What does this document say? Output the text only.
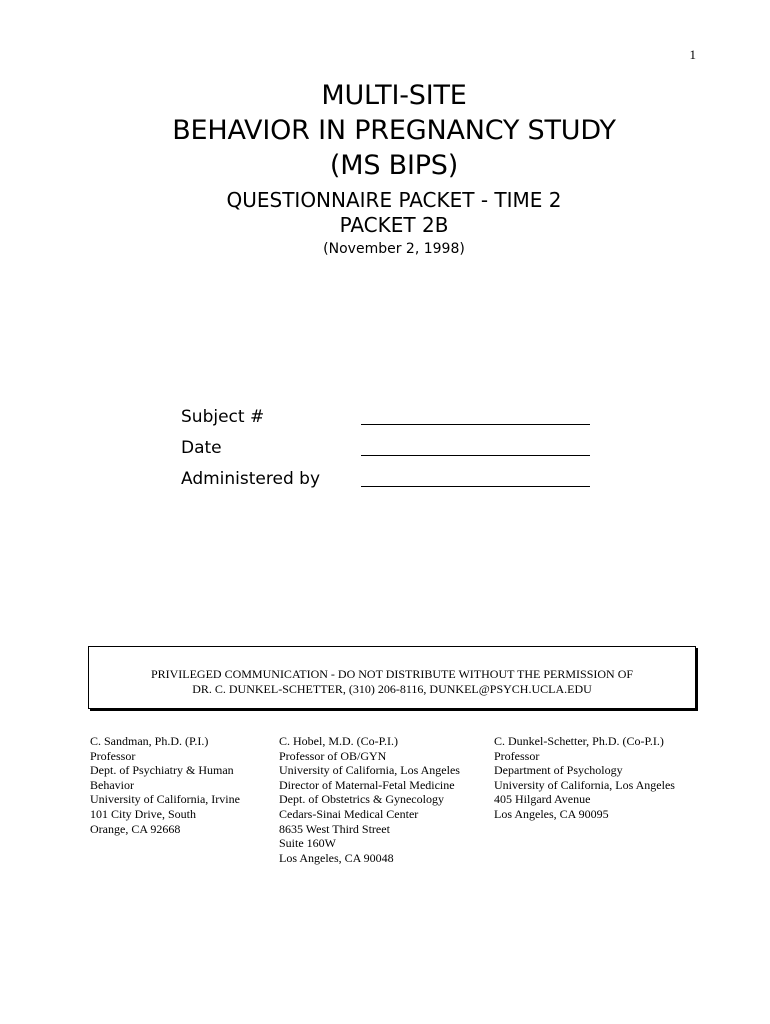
1
MULTI-SITE
BEHAVIOR IN PREGNANCY STUDY
(MS BIPS)
QUESTIONNAIRE PACKET - TIME 2
PACKET 2B
(November 2, 1998)
Subject #
Date
Administered by
PRIVILEGED COMMUNICATION - DO NOT DISTRIBUTE WITHOUT THE PERMISSION OF
DR. C. DUNKEL-SCHETTER, (310) 206-8116, DUNKEL@PSYCH.UCLA.EDU
C. Sandman, Ph.D. (P.I.)
Professor
Dept. of Psychiatry & Human
Behavior
University of California, Irvine
101 City Drive, South
Orange, CA 92668
C. Hobel, M.D. (Co-P.I.)
Professor of OB/GYN
University of California, Los Angeles
Director of Maternal-Fetal Medicine
Dept. of Obstetrics & Gynecology
Cedars-Sinai Medical Center
8635 West Third Street
Suite 160W
Los Angeles, CA 90048
C. Dunkel-Schetter, Ph.D. (Co-P.I.)
Professor
Department of Psychology
University of California, Los Angeles
405 Hilgard Avenue
Los Angeles, CA 90095
